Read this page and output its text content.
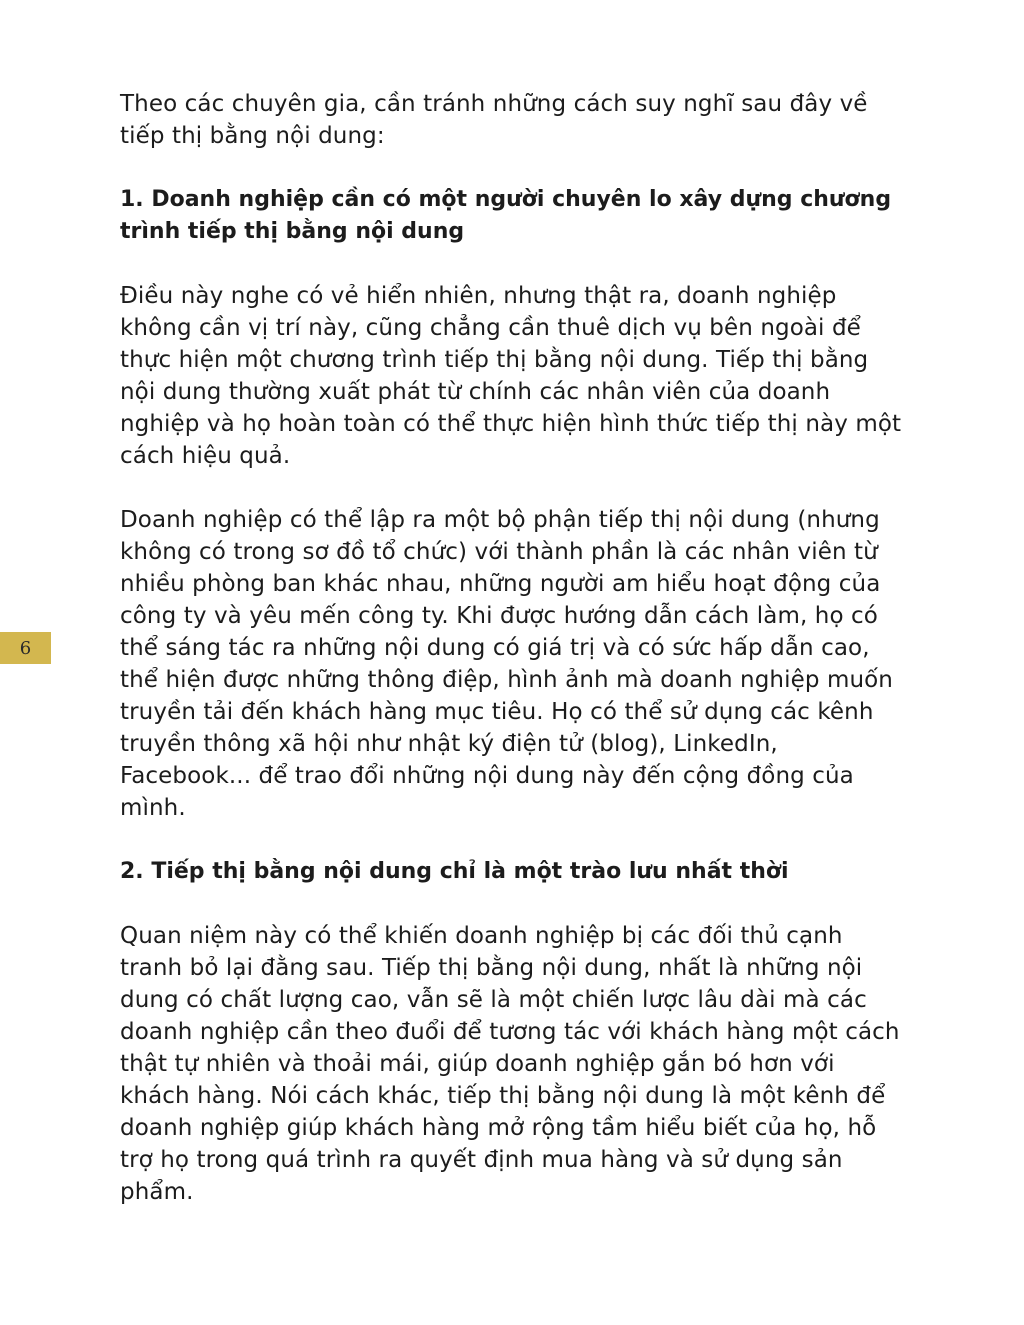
6

Theo các chuyên gia, cần tránh những cách suy nghĩ sau đây về tiếp thị bằng nội dung:

1. Doanh nghiệp cần có một người chuyên lo xây dựng chương trình tiếp thị bằng nội dung

Điều này nghe có vẻ hiển nhiên, nhưng thật ra, doanh nghiệp không cần vị trí này, cũng chẳng cần thuê dịch vụ bên ngoài để thực hiện một chương trình tiếp thị bằng nội dung. Tiếp thị bằng nội dung thường xuất phát từ chính các nhân viên của doanh nghiệp và họ hoàn toàn có thể thực hiện hình thức tiếp thị này một cách hiệu quả.

Doanh nghiệp có thể lập ra một bộ phận tiếp thị nội dung (nhưng không có trong sơ đồ tổ chức) với thành phần là các nhân viên từ nhiều phòng ban khác nhau, những người am hiểu hoạt động của công ty và yêu mến công ty. Khi được hướng dẫn cách làm, họ có thể sáng tác ra những nội dung có giá trị và có sức hấp dẫn cao, thể hiện được những thông điệp, hình ảnh mà doanh nghiệp muốn truyền tải đến khách hàng mục tiêu. Họ có thể sử dụng các kênh truyền thông xã hội như nhật ký điện tử (blog), LinkedIn, Facebook... để trao đổi những nội dung này đến cộng đồng của mình.

2. Tiếp thị bằng nội dung chỉ là một trào lưu nhất thời

Quan niệm này có thể khiến doanh nghiệp bị các đối thủ cạnh tranh bỏ lại đằng sau. Tiếp thị bằng nội dung, nhất là những nội dung có chất lượng cao, vẫn sẽ là một chiến lược lâu dài mà các doanh nghiệp cần theo đuổi để tương tác với khách hàng một cách thật tự nhiên và thoải mái, giúp doanh nghiệp gắn bó hơn với khách hàng. Nói cách khác, tiếp thị bằng nội dung là một kênh để doanh nghiệp giúp khách hàng mở rộng tầm hiểu biết của họ, hỗ trợ họ trong quá trình ra quyết định mua hàng và sử dụng sản phẩm.
